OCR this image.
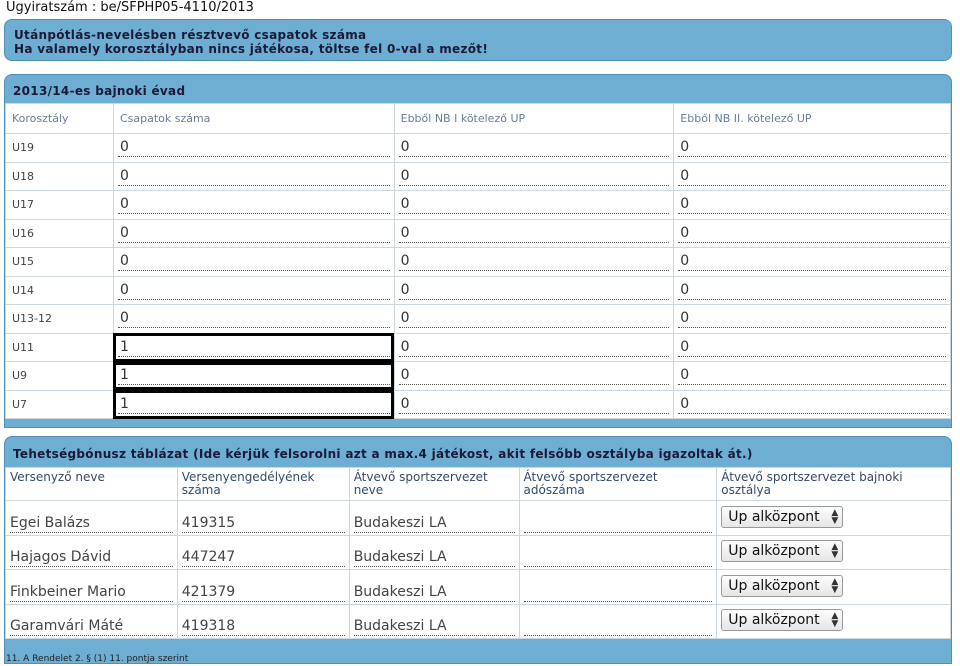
Ügyiratszám : be/SFPHP05-4110/2013
Utánpótlás-nevelésben résztvevő csapatok száma
Ha valamely korosztályban nincs játékosa, töltse fel 0-val a mezőt!
2013/14-es bajnoki évad
Korosztály	Csapatok száma	Ebből NB I kötelező UP	Ebből NB II. kötelező UP
U19	0	0	0

U18	0	0	0

U17	0	0	0

U16	0	0	0

U15	0	0	0

U14	0	0	0

U13-12	0	0	0

U11	1	0	0

U9	1	0	0

U7	1	0	0
Tehetségbónusz táblázat (Ide kérjük felsorolni azt a max.4 játékost, akit felsőbb osztályba igazoltak át.)
Versenyző neve	Versenyengedélyének száma	Átvevő sportszervezet neve	Átvevő sportszervezet adószáma	Átvevő sportszervezet bajnoki osztálya

Egei Balázs	419315	Budakeszi LA		Up alközpont ▲
▼

Hajagos Dávid	447247	Budakeszi LA		Up alközpont ▲
▼

Finkbeiner Mario	421379	Budakeszi LA		Up alközpont ▲
▼

Garamvári Máté	419318	Budakeszi LA		Up alközpont ▲
▼
11. A Rendelet 2. § (1) 11. pontja szerint
